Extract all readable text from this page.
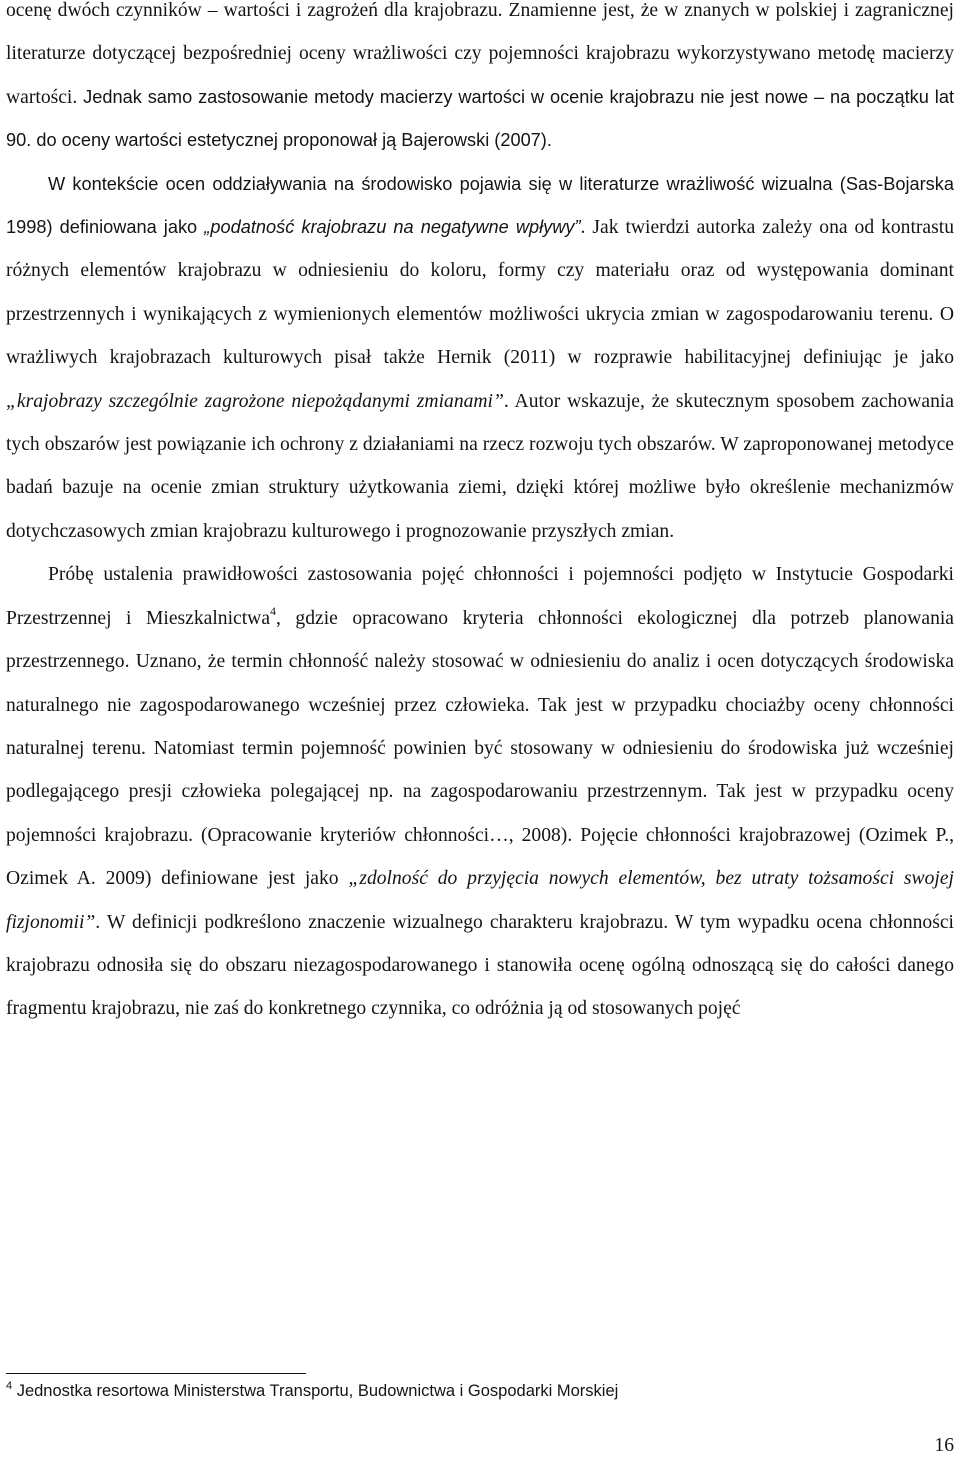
ocenę dwóch czynników – wartości i zagrożeń dla krajobrazu. Znamienne jest, że w znanych w polskiej i zagranicznej literaturze dotyczącej bezpośredniej oceny wrażliwości czy pojemności krajobrazu wykorzystywano metodę macierzy wartości. Jednak samo zastosowanie metody macierzy wartości w ocenie krajobrazu nie jest nowe – na początku lat 90. do oceny wartości estetycznej proponował ją Bajerowski (2007).

W kontekście ocen oddziaływania na środowisko pojawia się w literaturze wrażliwość wizualna (Sas-Bojarska 1998) definiowana jako „podatność krajobrazu na negatywne wpływy”. Jak twierdzi autorka zależy ona od kontrastu różnych elementów krajobrazu w odniesieniu do koloru, formy czy materiału oraz od występowania dominant przestrzennych i wynikających z wymienionych elementów możliwości ukrycia zmian w zagospodarowaniu terenu. O wrażliwych krajobrazach kulturowych pisał także Hernik (2011) w rozprawie habilitacyjnej definiując je jako „krajobrazy szczególnie zagrożone niepożądanymi zmianami”. Autor wskazuje, że skutecznym sposobem zachowania tych obszarów jest powiązanie ich ochrony z działaniami na rzecz rozwoju tych obszarów. W zaproponowanej metodyce badań bazuje na ocenie zmian struktury użytkowania ziemi, dzięki której możliwe było określenie mechanizmów dotychczasowych zmian krajobrazu kulturowego i prognozowanie przyszłych zmian.

Próbę ustalenia prawidłowości zastosowania pojęć chłonności i pojemności podjęto w Instytucie Gospodarki Przestrzennej i Mieszkalnictwa$^4$, gdzie opracowano kryteria chłonności ekologicznej dla potrzeb planowania przestrzennego. Uznano, że termin chłonność należy stosować w odniesieniu do analiz i ocen dotyczących środowiska naturalnego nie zagospodarowanego wcześniej przez człowieka. Tak jest w przypadku chociażby oceny chłonności naturalnej terenu. Natomiast termin pojemność powinien być stosowany w odniesieniu do środowiska już wcześniej podlegającego presji człowieka polegającej np. na zagospodarowaniu przestrzennym. Tak jest w przypadku oceny pojemności krajobrazu. (Opracowanie kryteriów chłonności…, 2008). Pojęcie chłonności krajobrazowej (Ozimek P., Ozimek A. 2009) definiowane jest jako „zdolność do przyjęcia nowych elementów, bez utraty tożsamości swojej fizjonomii”. W definicji podkreślono znaczenie wizualnego charakteru krajobrazu. W tym wypadku ocena chłonności krajobrazu odnosiła się do obszaru niezagospodarowanego i stanowiła ocenę ogólną odnoszącą się do całości danego fragmentu krajobrazu, nie zaś do konkretnego czynnika, co odróżnia ją od stosowanych pojęć

$^4$ Jednostka resortowa Ministerstwa Transportu, Budownictwa i Gospodarki Morskiej

16
